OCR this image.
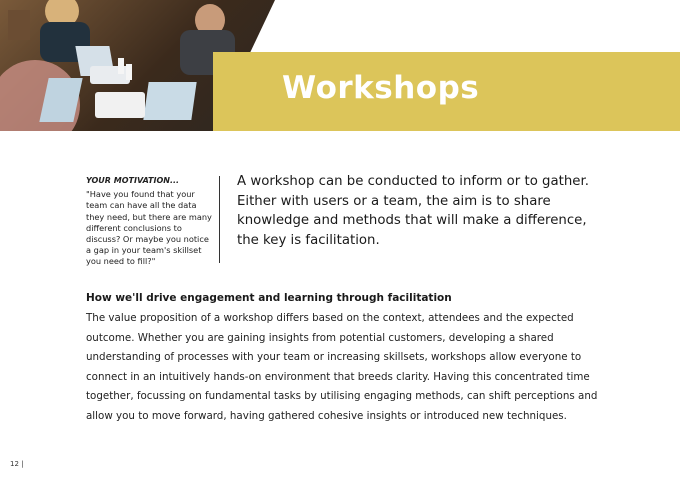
Workshops
YOUR MOTIVATION...
"Have you found that your team can have all the data they need, but there are many different conclusions to discuss? Or maybe you notice a gap in your team's skillset you need to fill?"
A workshop can be conducted to inform or to gather. Either with users or a team, the aim is to share knowledge and methods that will make a difference, the key is facilitation.
How we'll drive engagement and learning through facilitation
The value proposition of a workshop differs based on the context, attendees and the expected outcome. Whether you are gaining insights from potential customers, developing a shared understanding of processes with your team or increasing skillsets, workshops allow everyone to connect in an intuitively hands-on environment that breeds clarity. Having this concentrated time together, focussing on fundamental tasks by utilising engaging methods, can shift perceptions and allow you to move forward, having gathered cohesive insights or introduced new techniques.
12 |
